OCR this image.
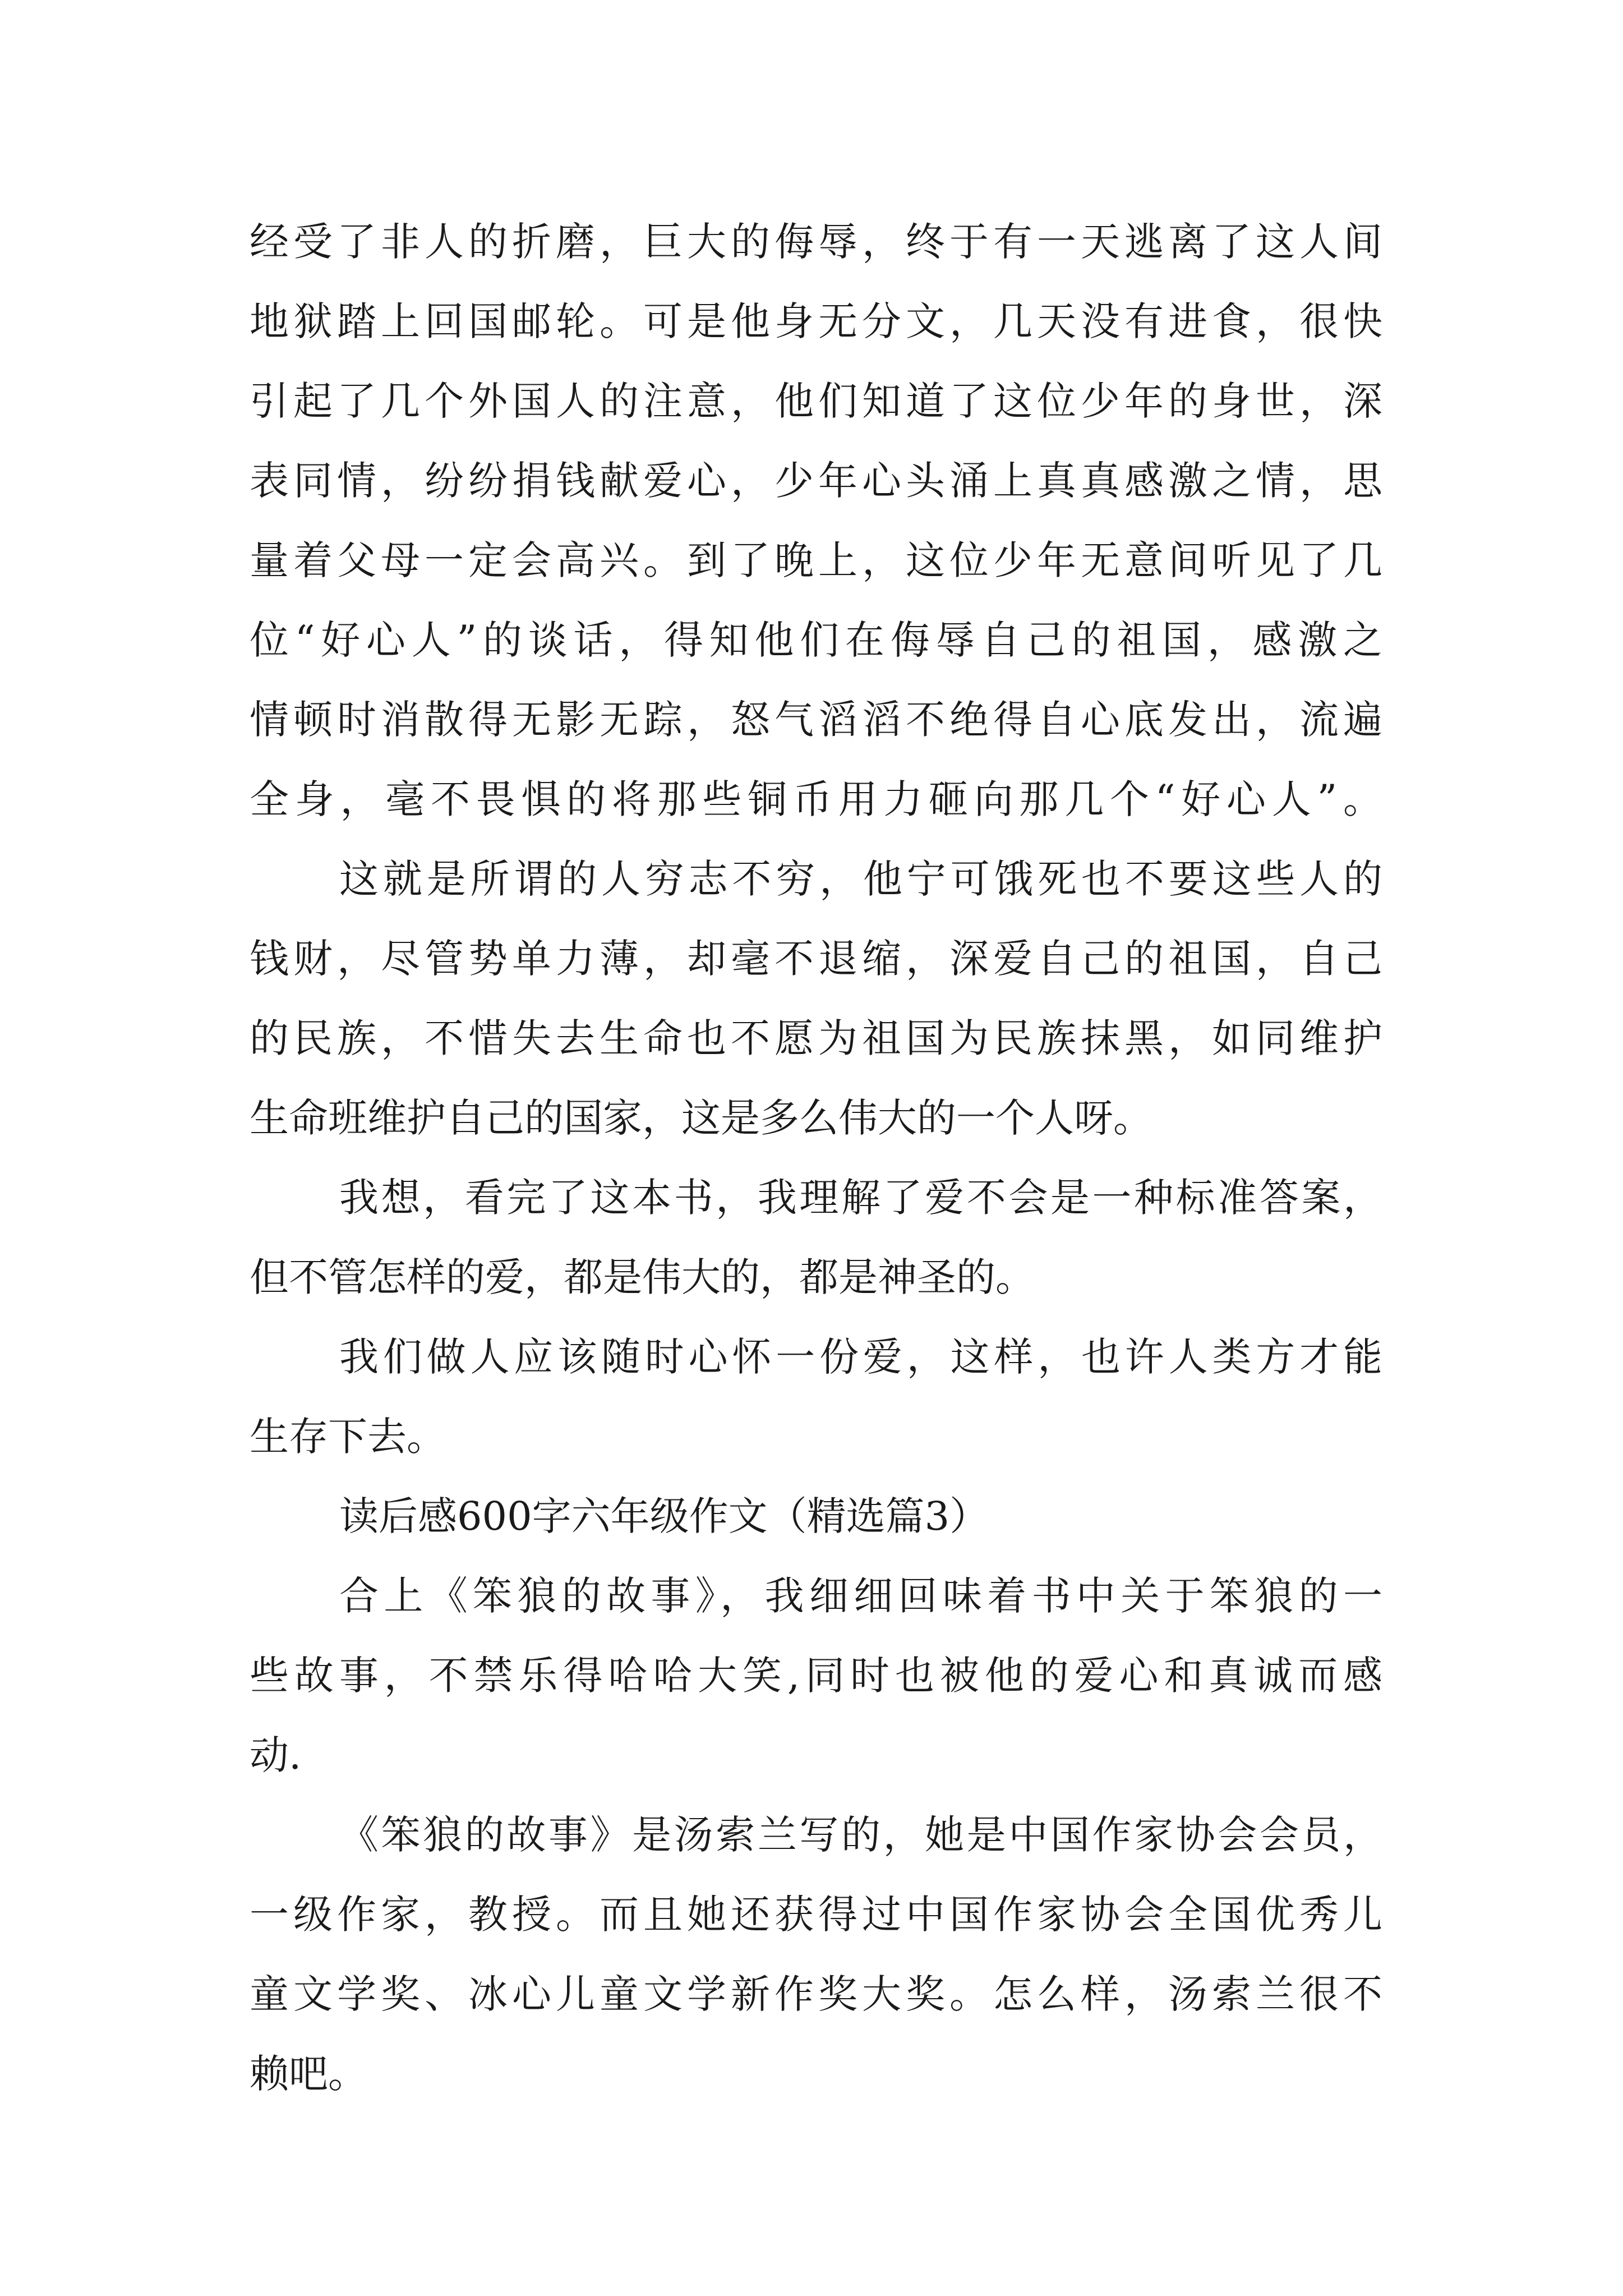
经受了非人的折磨，巨大的侮辱，终于有一天逃离了这人间
地狱踏上回国邮轮。可是他身无分文，几天没有进食，很快
引起了几个外国人的注意，他们知道了这位少年的身世，深
表同情，纷纷捐钱献爱心，少年心头涌上真真感激之情，思
量着父母一定会高兴。到了晚上，这位少年无意间听见了几
位“好心人”的谈话，得知他们在侮辱自己的祖国，感激之
情顿时消散得无影无踪，怒气滔滔不绝得自心底发出，流遍
全身，毫不畏惧的将那些铜币用力砸向那几个“好心人”。
这就是所谓的人穷志不穷，他宁可饿死也不要这些人的
钱财，尽管势单力薄，却毫不退缩，深爱自己的祖国，自己
的民族，不惜失去生命也不愿为祖国为民族抹黑，如同维护
生命班维护自己的国家，这是多么伟大的一个人呀。
我想，看完了这本书，我理解了爱不会是一种标准答案，
但不管怎样的爱，都是伟大的，都是神圣的。
我们做人应该随时心怀一份爱，这样，也许人类方才能
生存下去。
读后感600字六年级作文（精选篇3）
合上《笨狼的故事》，我细细回味着书中关于笨狼的一
些故事，不禁乐得哈哈大笑,同时也被他的爱心和真诚而感
动.
《笨狼的故事》是汤索兰写的，她是中国作家协会会员，
一级作家，教授。而且她还获得过中国作家协会全国优秀儿
童文学奖、冰心儿童文学新作奖大奖。怎么样，汤索兰很不
赖吧。
